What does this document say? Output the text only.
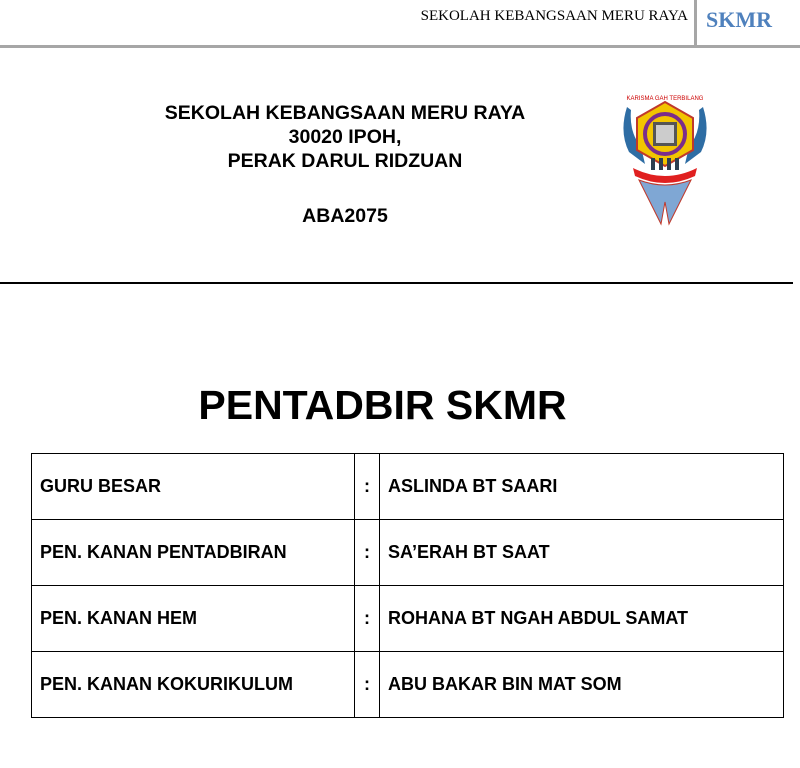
SEKOLAH KEBANGSAAN MERU RAYA SKMR
SEKOLAH KEBANGSAAN MERU RAYA
30020 IPOH,
PERAK DARUL RIDZUAN
ABA2075
KARISMA GAH TERBILANG
PENTADBIR SKMR
GURU BESAR	:	ASLINDA BT SAARI
PEN. KANAN PENTADBIRAN	:	SA’ERAH BT SAAT
PEN. KANAN HEM	:	ROHANA BT NGAH ABDUL SAMAT
PEN. KANAN KOKURIKULUM	:	ABU BAKAR BIN MAT SOM
